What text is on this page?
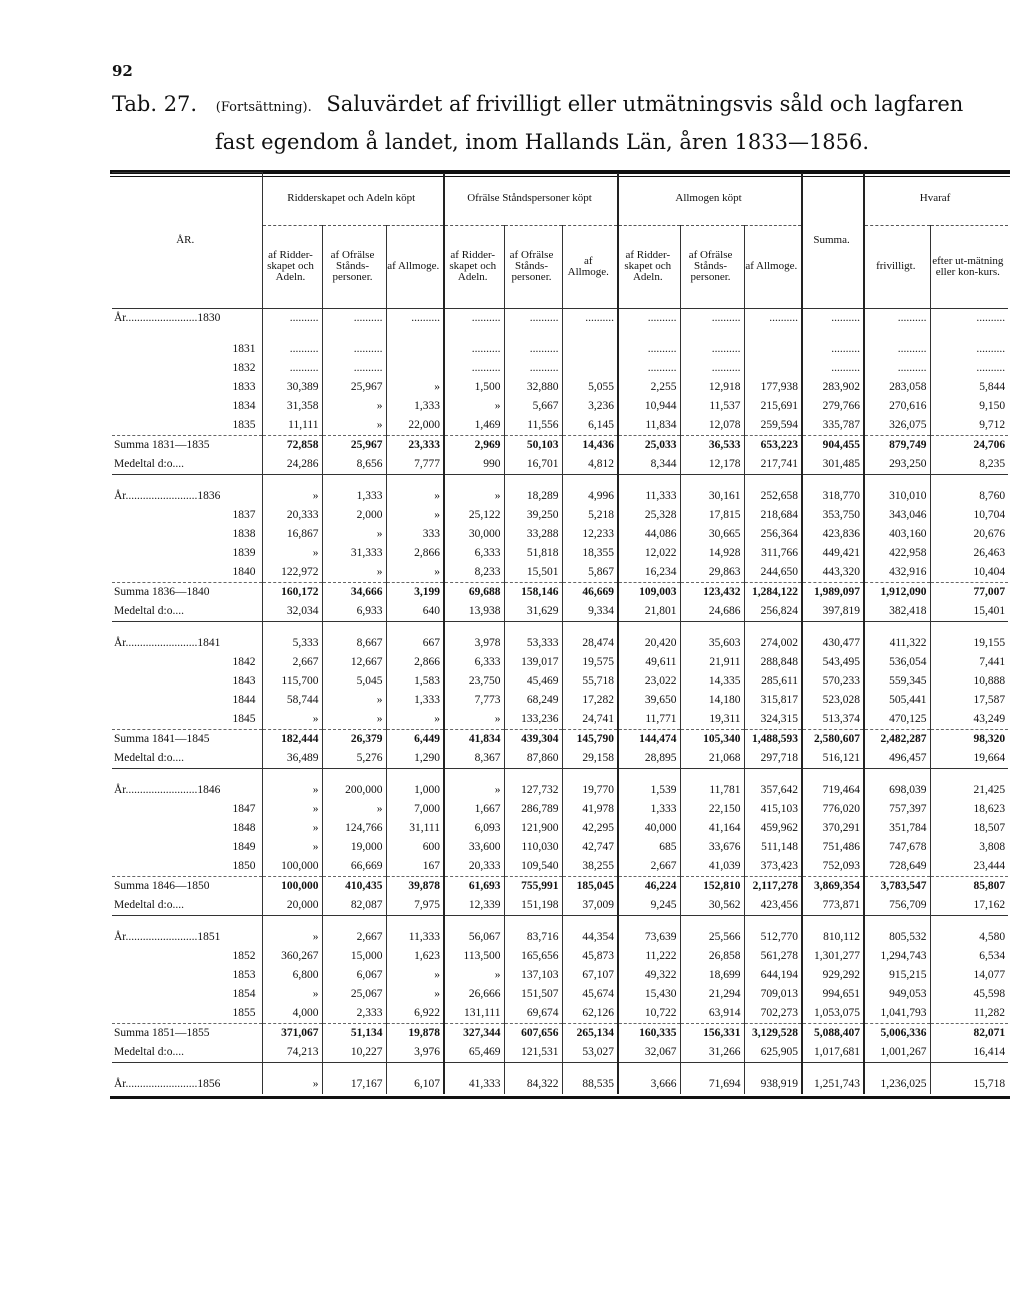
92
Tab. 27. (Fortsättning). Saluvärdet af frivilligt eller utmätningsvis såld och lagfaren
fast egendom å landet, inom Hallands Län, åren 1833—1856.
ÅR.	Ridderskapet och Adeln köpt			Ofrälse Ståndspersoner köpt			Allmogen köpt			Summa.	Hvaraf	
	af Ridder-skapet och Adeln.	af Ofrälse Stånds-personer.	af Allmoge.	af Ridder-skapet och Adeln.	af Ofrälse Stånds-personer.	af Allmoge.	af Ridder-skapet och Adeln.	af Ofrälse Stånds-personer.	af Allmoge.		frivilligt.	efter ut-mätning eller kon-kurs.
År.........................1830	..........	..........	..........	..........	..........	..........	..........	..........	..........	..........	..........	..........

1831	..........	..........		..........	..........		..........	..........		..........	..........	..........
1832	..........	..........		..........	..........		..........	..........		..........	..........	..........
1833	30,389	25,967	»	1,500	32,880	5,055	2,255	12,918	177,938	283,902	283,058	5,844
1834	31,358	»	1,333	»	5,667	3,236	10,944	11,537	215,691	279,766	270,616	9,150
1835	11,111	»	22,000	1,469	11,556	6,145	11,834	12,078	259,594	335,787	326,075	9,712
Summa 1831—1835	72,858	25,967	23,333	2,969	50,103	14,436	25,033	36,533	653,223	904,455	879,749	24,706
Medeltal d:o....	24,286	8,656	7,777	990	16,701	4,812	8,344	12,178	217,741	301,485	293,250	8,235

År.........................1836	»	1,333	»	»	18,289	4,996	11,333	30,161	252,658	318,770	310,010	8,760
1837	20,333	2,000	»	25,122	39,250	5,218	25,328	17,815	218,684	353,750	343,046	10,704
1838	16,867	»	333	30,000	33,288	12,233	44,086	30,665	256,364	423,836	403,160	20,676
1839	»	31,333	2,866	6,333	51,818	18,355	12,022	14,928	311,766	449,421	422,958	26,463
1840	122,972	»	»	8,233	15,501	5,867	16,234	29,863	244,650	443,320	432,916	10,404
Summa 1836—1840	160,172	34,666	3,199	69,688	158,146	46,669	109,003	123,432	1,284,122	1,989,097	1,912,090	77,007
Medeltal d:o....	32,034	6,933	640	13,938	31,629	9,334	21,801	24,686	256,824	397,819	382,418	15,401

År.........................1841	5,333	8,667	667	3,978	53,333	28,474	20,420	35,603	274,002	430,477	411,322	19,155
1842	2,667	12,667	2,866	6,333	139,017	19,575	49,611	21,911	288,848	543,495	536,054	7,441
1843	115,700	5,045	1,583	23,750	45,469	55,718	23,022	14,335	285,611	570,233	559,345	10,888
1844	58,744	»	1,333	7,773	68,249	17,282	39,650	14,180	315,817	523,028	505,441	17,587
1845	»	»	»	»	133,236	24,741	11,771	19,311	324,315	513,374	470,125	43,249
Summa 1841—1845	182,444	26,379	6,449	41,834	439,304	145,790	144,474	105,340	1,488,593	2,580,607	2,482,287	98,320
Medeltal d:o....	36,489	5,276	1,290	8,367	87,860	29,158	28,895	21,068	297,718	516,121	496,457	19,664

År.........................1846	»	200,000	1,000	»	127,732	19,770	1,539	11,781	357,642	719,464	698,039	21,425
1847	»	»	7,000	1,667	286,789	41,978	1,333	22,150	415,103	776,020	757,397	18,623
1848	»	124,766	31,111	6,093	121,900	42,295	40,000	41,164	459,962	370,291	351,784	18,507
1849	»	19,000	600	33,600	110,030	42,747	685	33,676	511,148	751,486	747,678	3,808
1850	100,000	66,669	167	20,333	109,540	38,255	2,667	41,039	373,423	752,093	728,649	23,444
Summa 1846—1850	100,000	410,435	39,878	61,693	755,991	185,045	46,224	152,810	2,117,278	3,869,354	3,783,547	85,807
Medeltal d:o....	20,000	82,087	7,975	12,339	151,198	37,009	9,245	30,562	423,456	773,871	756,709	17,162

År.........................1851	»	2,667	11,333	56,067	83,716	44,354	73,639	25,566	512,770	810,112	805,532	4,580
1852	360,267	15,000	1,623	113,500	165,656	45,873	11,222	26,858	561,278	1,301,277	1,294,743	6,534
1853	6,800	6,067	»	»	137,103	67,107	49,322	18,699	644,194	929,292	915,215	14,077
1854	»	25,067	»	26,666	151,507	45,674	15,430	21,294	709,013	994,651	949,053	45,598
1855	4,000	2,333	6,922	131,111	69,674	62,126	10,722	63,914	702,273	1,053,075	1,041,793	11,282
Summa 1851—1855	371,067	51,134	19,878	327,344	607,656	265,134	160,335	156,331	3,129,528	5,088,407	5,006,336	82,071
Medeltal d:o....	74,213	10,227	3,976	65,469	121,531	53,027	32,067	31,266	625,905	1,017,681	1,001,267	16,414

År.........................1856	»	17,167	6,107	41,333	84,322	88,535	3,666	71,694	938,919	1,251,743	1,236,025	15,718
